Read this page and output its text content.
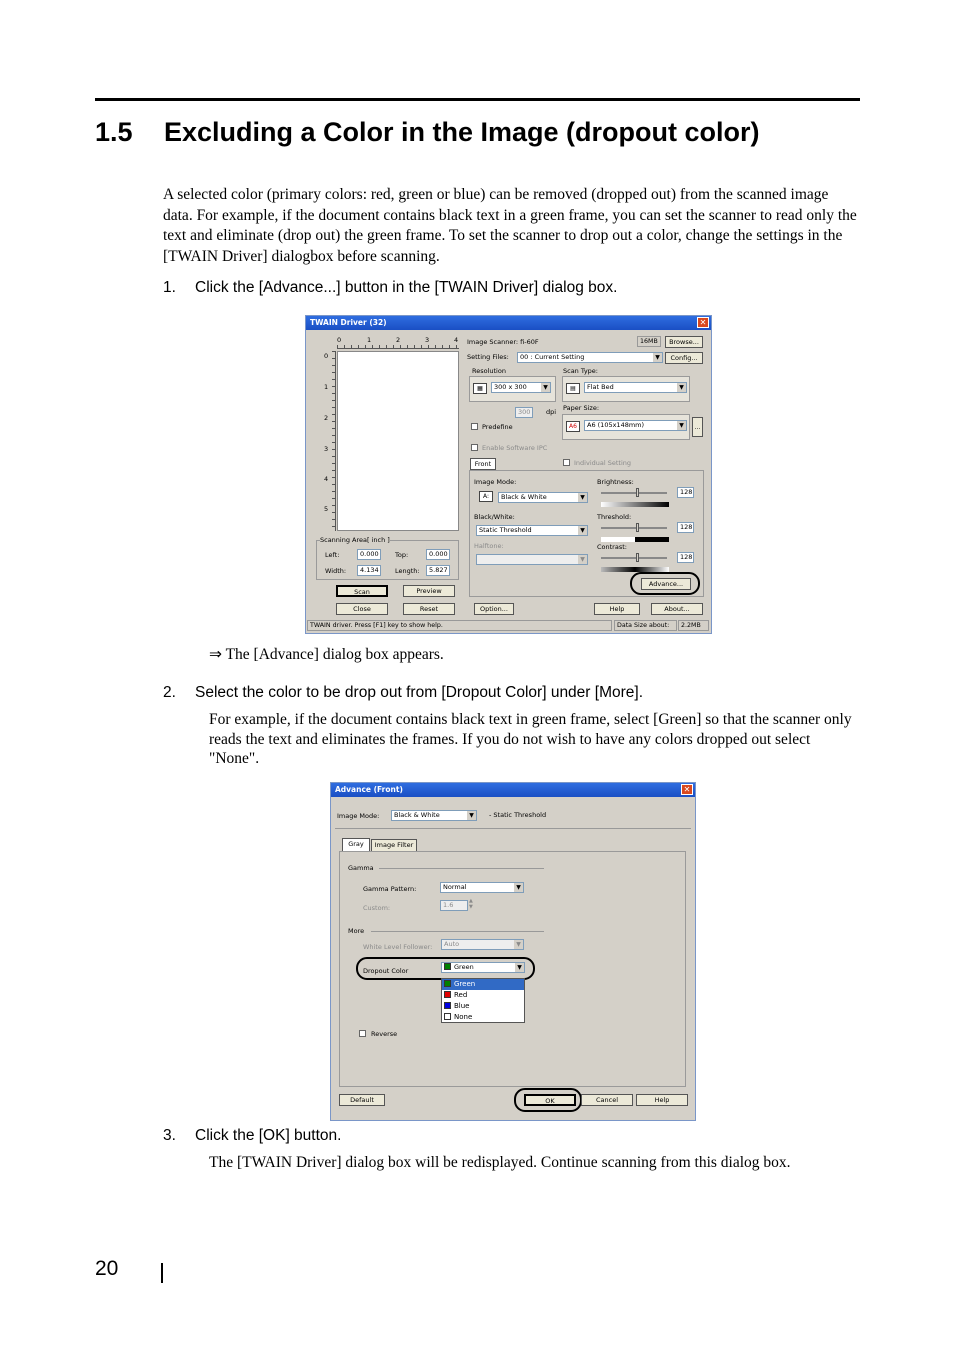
1.5 Excluding a Color in the Image (dropout color)

A selected color (primary colors: red, green or blue) can be removed (dropped out) from the scanned image data. For example, if the document contains black text in a green frame, you can set the scanner to read only the text and eliminate (drop out) the green frame. To set the scanner to drop out a color, change the settings in the [TWAIN Driver] dialogbox before scanning.

1. Click the [Advance...] button in the [TWAIN Driver] dialog box.
TWAIN Driver (32)	✕
0	1	2	3	4
0
1
2
3
4
5
Scanning Area[ inch ]
Left:	0.000	Top:	0.000
Width:	4.134	Length:	5.827
Scan	Preview
Close	Reset
Image Scanner: fi-60F	16MB	Browse...
Setting Files:	00 : Current Setting	▼	Config...
Resolution
▦	300 x 300	▼
300	dpi
Predefine
Enable Software IPC
Scan Type:
▤	Flat Bed	▼
Paper Size:
A6	A6 (105x148mm)	▼	...
Front	Individual Setting
Image Mode:
A:	Black & White	▼
Black/White:
Static Threshold	▼
Halftone:
▼
Brightness:
128
Threshold:
128
Contrast:
128
Advance...
Option...	Help	About...
TWAIN driver. Press [F1] key to show help.	Data Size about:	2.2MB
⇒ The [Advance] dialog box appears.
2. Select the color to be drop out from [Dropout Color] under [More].

For example, if the document contains black text in green frame, select [Green] so that the scanner only reads the text and eliminates the frames. If you do not wish to have any colors dropped out select "None".

Advance (Front)	✕
Image Mode:	Black & White	▼	- Static Threshold
Gray	Image Filter
Gamma
Gamma Pattern:	Normal	▼
Custom:	1.6	▲
▼
More
White Level Follower:	Auto	▼
Dropout Color	Green	▼
Green
Red
Blue
None
Reverse
Default	OK	Cancel	Help
3. Click the [OK] button.

The [TWAIN Driver] dialog box will be redisplayed. Continue scanning from this dialog box.

20
